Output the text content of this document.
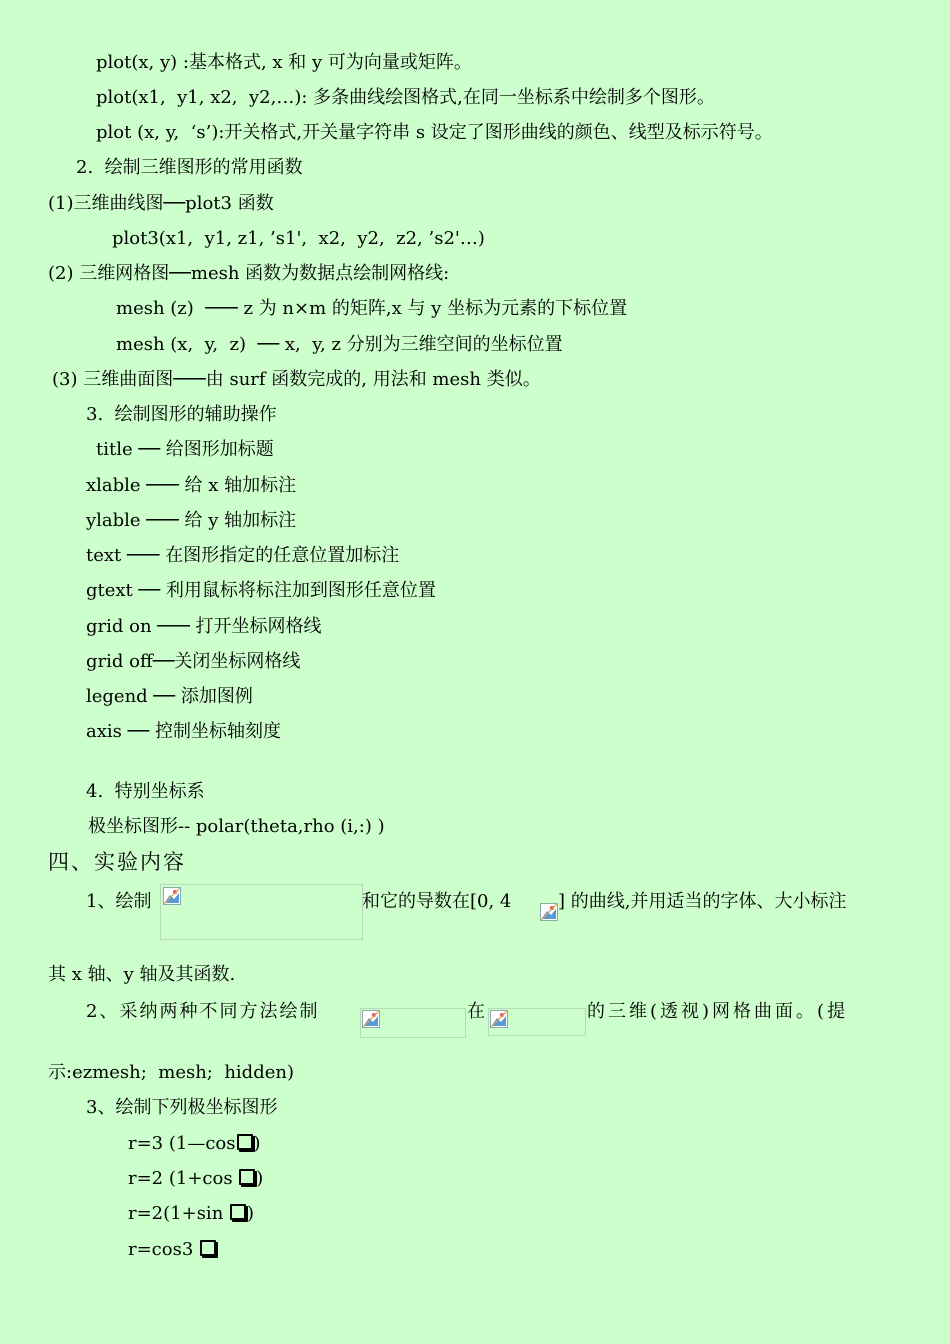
plot(x, y) :基本格式, x 和 y 可为向量或矩阵。
plot(x1,  y1, x2,  y2,…): 多条曲线绘图格式,在同一坐标系中绘制多个图形。
plot (x, y,  ‘s’):开关格式,开关量字符串 s 设定了图形曲线的颜色、线型及标示符号。
2.  绘制三维图形的常用函数
(1)三维曲线图──plot3 函数
plot3(x1,  y1, z1, ’s1',  x2,  y2,  z2, ’s2'…)
(2) 三维网格图──mesh 函数为数据点绘制网格线:
mesh (z)  ─── z 为 n×m 的矩阵,x 与 y 坐标为元素的下标位置
mesh (x,  y,  z)  ── x,  y, z 分别为三维空间的坐标位置
(3) 三维曲面图───由 surf 函数完成的, 用法和 mesh 类似。
3.  绘制图形的辅助操作
title ── 给图形加标题
xlable ─── 给 x 轴加标注
ylable ─── 给 y 轴加标注
text ─── 在图形指定的任意位置加标注
gtext ── 利用鼠标将标注加到图形任意位置
grid on ─── 打开坐标网格线
grid off──关闭坐标网格线
legend ── 添加图例
axis ── 控制坐标轴刻度
4.  特别坐标系
极坐标图形-- polar(theta,rho (i,:) )
四、实验内容
1、绘制	和它的导数在[0, 4	] 的曲线,并用适当的字体、大小标注
其 x 轴、y 轴及其函数.
2、采纳两种不同方法绘制	在	的三维(透视)网格曲面。(提
示:ezmesh;  mesh;  hidden)
3、绘制下列极坐标图形
r=3 (1—cos )
r=2 (1+cos )
r=2(1+sin )
r=cos3
